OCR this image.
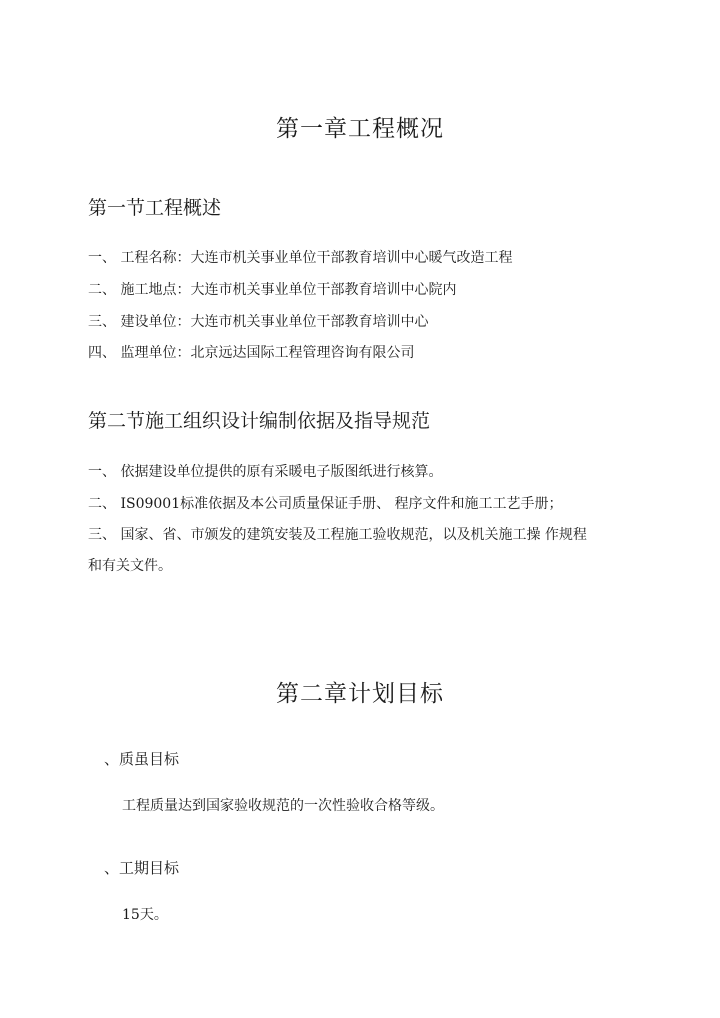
第一章工程概况
第一节工程概述

一、 工程名称：大连市机关事业单位干部教育培训中心暖气改造工程

二、 施工地点：大连市机关事业单位干部教育培训中心院内

三、 建设单位：大连市机关事业单位干部教育培训中心

四、 监理单位：北京远达国际工程管理咨询有限公司

第二节施工组织设计编制依据及指导规范

一、 依据建设单位提供的原有采暖电子版图纸进行核算。

二、 IS09001标准依据及本公司质量保证手册、 程序文件和施工工艺手册；

三、 国家、省、市颁发的建筑安装及工程施工验收规范，以及机关施工操 作规程

和有关文件。

第二章计划目标

、质虽目标

工程质量达到国家验收规范的一次性验收合格等级。

、工期目标

15天。
